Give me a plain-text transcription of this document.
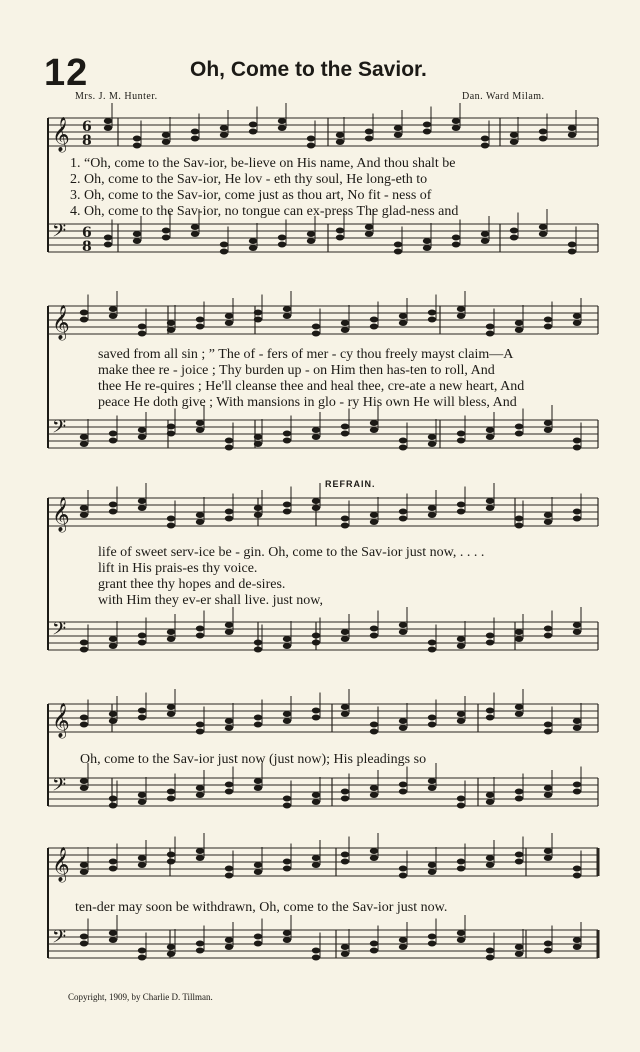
12	Oh, Come to the Savior.
Mrs. J. M. Hunter.	Dan. Ward Milam.
𝄞
𝄢
𝄞
𝄢
𝄞
𝄢
𝄞
𝄢
𝄞
𝄢
6
8
6
8
1. “Oh, come to the Sav-ior, be-lieve on His name, And thou shalt be
2. Oh, come to the Sav-ior, He lov - eth thy soul, He long-eth to
3. Oh, come to the Sav-ior, come just as thou art, No fit - ness of
4. Oh, come to the Sav-ior, no tongue can ex-press The glad-ness and
saved from all sin ; ” The of - fers of mer - cy thou freely mayst claim—A
make thee re - joice ; Thy burden up - on Him then has-ten to roll, And
thee He re-quires ; He'll cleanse thee and heal thee, cre-ate a new heart, And
peace He doth give ; With mansions in glo - ry His own He will bless, And
REFRAIN.
life of sweet serv-ice be - gin. Oh, come to the Sav-ior just now, . . . .
lift in His prais-es thy voice.
grant thee thy hopes and de-sires.
with Him they ev-er shall live. just now,
Oh, come to the Sav-ior just now (just now); His pleadings so
ten-der may soon be withdrawn, Oh, come to the Sav-ior just now.
Copyright, 1909, by Charlie D. Tillman.
